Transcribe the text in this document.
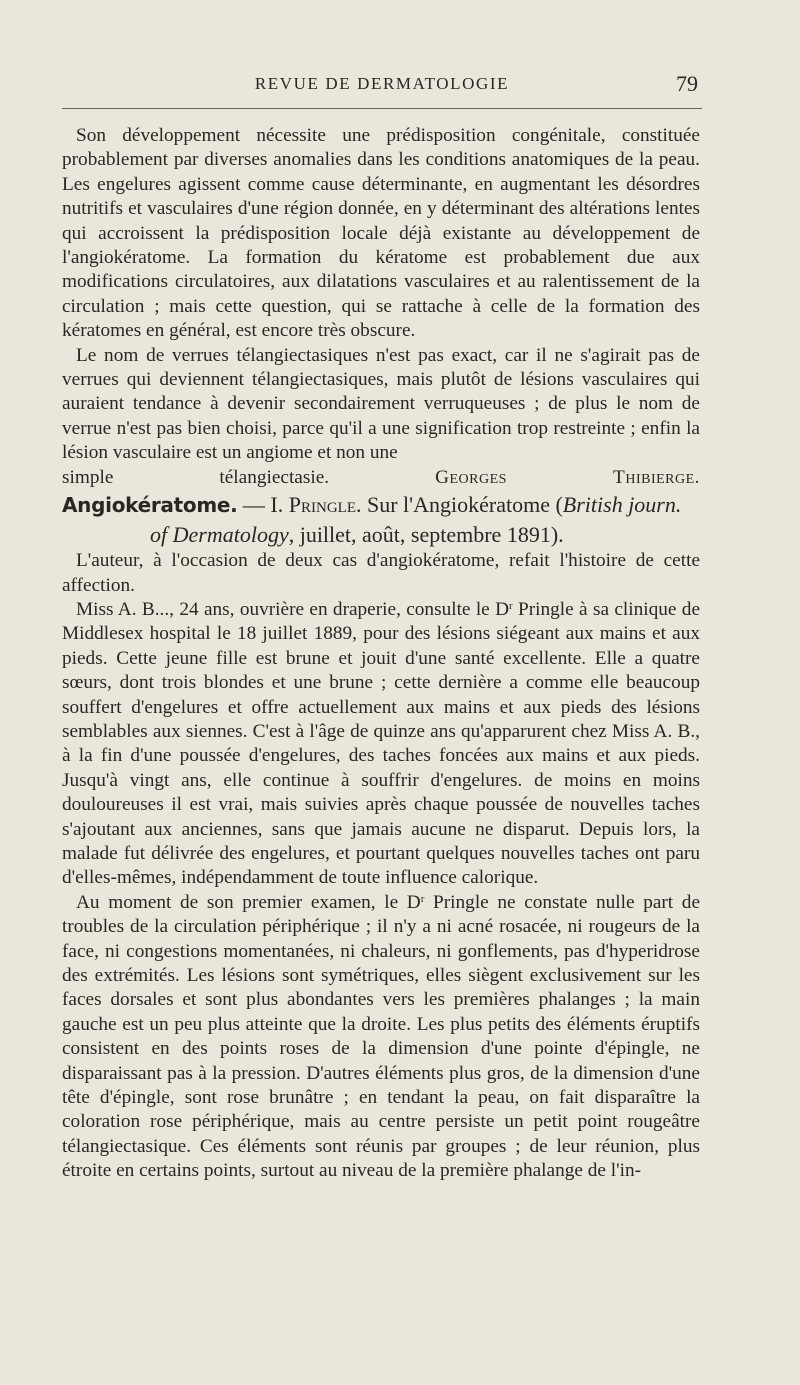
REVUE DE DERMATOLOGIE	79

Son développement nécessite une prédisposition congénitale, constituée probablement par diverses anomalies dans les conditions anatomiques de la peau. Les engelures agissent comme cause déterminante, en augmentant les désordres nutritifs et vasculaires d'une région donnée, en y déterminant des altérations lentes qui accroissent la prédisposition locale déjà existante au développement de l'angiokératome. La formation du kératome est probablement due aux modifications circulatoires, aux dilatations vasculaires et au ralentissement de la circulation ; mais cette question, qui se rattache à celle de la formation des kératomes en général, est encore très obscure.

Le nom de verrues télangiectasiques n'est pas exact, car il ne s'agirait pas de verrues qui deviennent télangiectasiques, mais plutôt de lésions vasculaires qui auraient tendance à devenir secondairement verruqueuses ; de plus le nom de verrue n'est pas bien choisi, parce qu'il a une signification trop restreinte ; enfin la lésion vasculaire est un angiome et non une

simple télangiectasie.	Georges Thibierge.

Angiokératome. — I. Pringle. Sur l'Angiokératome (British journ.
of Dermatology, juillet, août, septembre 1891).

L'auteur, à l'occasion de deux cas d'angiokératome, refait l'histoire de cette affection.

Miss A. B..., 24 ans, ouvrière en draperie, consulte le $D^r$ Pringle à sa clinique de Middlesex hospital le 18 juillet 1889, pour des lésions siégeant aux mains et aux pieds. Cette jeune fille est brune et jouit d'une santé excellente. Elle a quatre sœurs, dont trois blondes et une brune ; cette dernière a comme elle beaucoup souffert d'engelures et offre actuellement aux mains et aux pieds des lésions semblables aux siennes. C'est à l'âge de quinze ans qu'apparurent chez Miss A. B., à la fin d'une poussée d'engelures, des taches foncées aux mains et aux pieds. Jusqu'à vingt ans, elle continue à souffrir d'engelures. de moins en moins douloureuses il est vrai, mais suivies après chaque poussée de nouvelles taches s'ajoutant aux anciennes, sans que jamais aucune ne disparut. Depuis lors, la malade fut délivrée des engelures, et pourtant quelques nouvelles taches ont paru d'elles-mêmes, indépendamment de toute influence calorique.

Au moment de son premier examen, le $D^r$ Pringle ne constate nulle part de troubles de la circulation périphérique ; il n'y a ni acné rosacée, ni rougeurs de la face, ni congestions momentanées, ni chaleurs, ni gonflements, pas d'hyperidrose des extrémités. Les lésions sont symétriques, elles siègent exclusivement sur les faces dorsales et sont plus abondantes vers les premières phalanges ; la main gauche est un peu plus atteinte que la droite. Les plus petits des éléments éruptifs consistent en des points roses de la dimension d'une pointe d'épingle, ne disparaissant pas à la pression. D'autres éléments plus gros, de la dimension d'une tête d'épingle, sont rose brunâtre ; en tendant la peau, on fait disparaître la coloration rose périphérique, mais au centre persiste un petit point rougeâtre télangiectasique. Ces éléments sont réunis par groupes ; de leur réunion, plus étroite en certains points, surtout au niveau de la première phalange de l'in-
